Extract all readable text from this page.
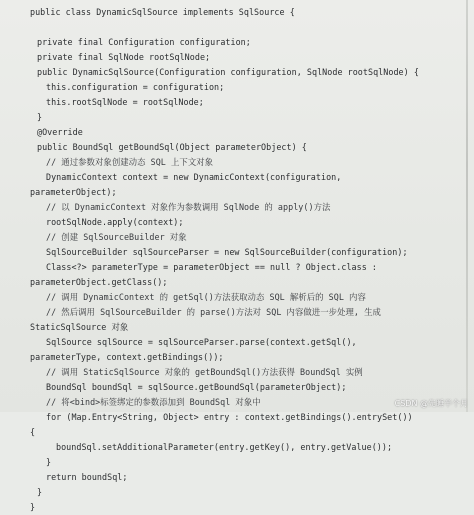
public class DynamicSqlSource implements SqlSource {
private final Configuration configuration;
private final SqlNode rootSqlNode;
public DynamicSqlSource(Configuration configuration, SqlNode rootSqlNode) {
this.configuration = configuration;
this.rootSqlNode = rootSqlNode;
}
@Override
public BoundSql getBoundSql(Object parameterObject) {
// 通过参数对象创建动态 SQL 上下文对象
DynamicContext context = new DynamicContext(configuration,
parameterObject);
// 以 DynamicContext 对象作为参数调用 SqlNode 的 apply()方法
rootSqlNode.apply(context);
// 创建 SqlSourceBuilder 对象
SqlSourceBuilder sqlSourceParser = new SqlSourceBuilder(configuration);
Class<?> parameterType = parameterObject == null ? Object.class :
parameterObject.getClass();
// 调用 DynamicContext 的 getSql()方法获取动态 SQL 解析后的 SQL 内容
// 然后调用 SqlSourceBuilder 的 parse()方法对 SQL 内容做进一步处理, 生成
StaticSqlSource 对象
SqlSource sqlSource = sqlSourceParser.parse(context.getSql(),
parameterType, context.getBindings());
// 调用 StaticSqlSource 对象的 getBoundSql()方法获得 BoundSql 实例
BoundSql boundSql = sqlSource.getBoundSql(parameterObject);
// 将<bind>标签绑定的参数添加到 BoundSql 对象中
for (Map.Entry<String, Object> entry : context.getBindings().entrySet())
{
boundSql.setAdditionalParameter(entry.getKey(), entry.getValue());
}
return boundSql;
}
}
CSDN @先睡半个月
